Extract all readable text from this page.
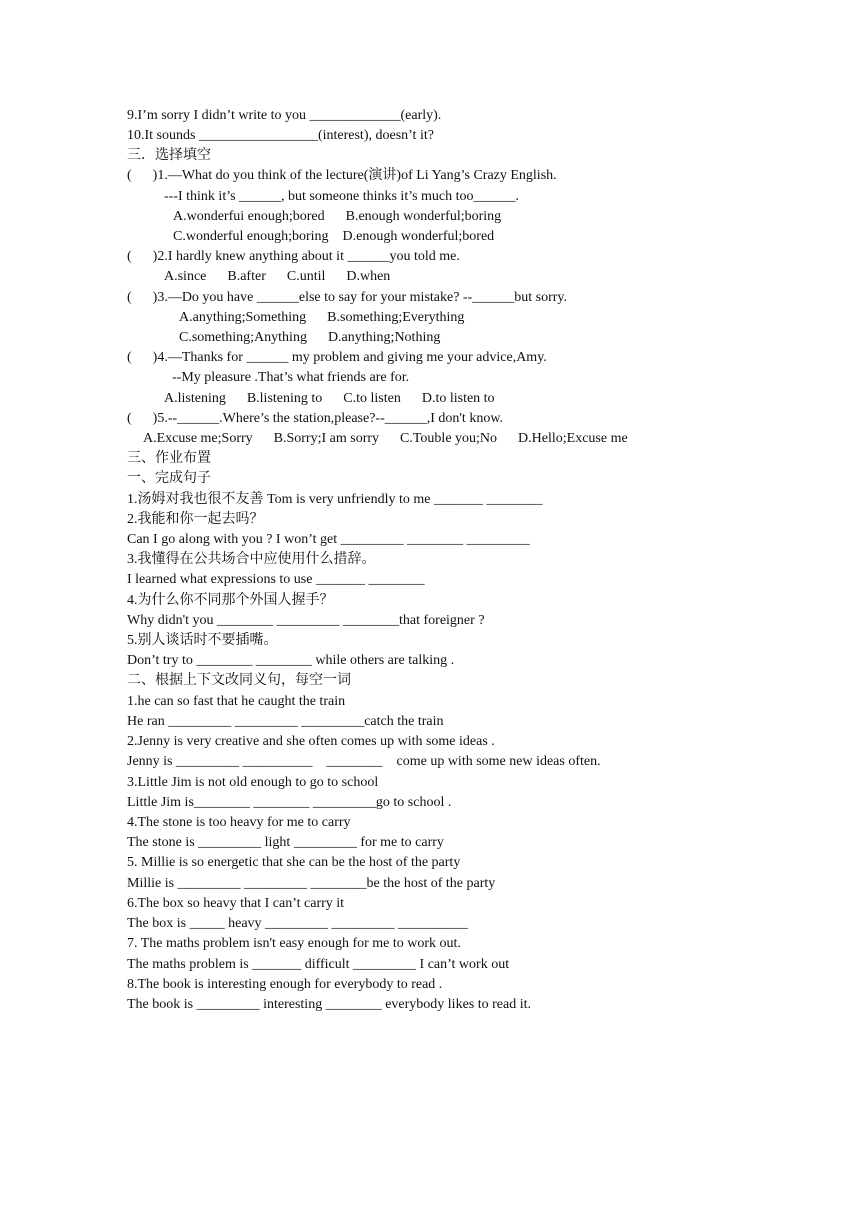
9.I’m sorry I didn’t write to you _____________(early).
10.It sounds _________________(interest), doesn’t it?
三．选择填空
(      )1.—What do you think of the lecture(演讲)of Li Yang’s Crazy English.
---I think it’s ______, but someone thinks it’s much too______.
A.wonderfui enough;bored      B.enough wonderful;boring
C.wonderful enough;boring    D.enough wonderful;bored
(      )2.I hardly knew anything about it ______you told me.
A.since      B.after      C.until      D.when
(      )3.—Do you have ______else to say for your mistake? --______but sorry.
A.anything;Something      B.something;Everything
C.something;Anything      D.anything;Nothing
(      )4.—Thanks for ______ my problem and giving me your advice,Amy.
--My pleasure .That’s what friends are for.
A.listening      B.listening to      C.to listen      D.to listen to
(      )5.--______.Where’s the station,please?--______,I don't know.
A.Excuse me;Sorry      B.Sorry;I am sorry      C.Touble you;No      D.Hello;Excuse me
三、作业布置
一、完成句子
1.汤姆对我也很不友善 Tom is very unfriendly to me _______ ________
2.我能和你一起去吗？
Can I go along with you ? I won’t get _________ ________ _________
3.我懂得在公共场合中应使用什么措辞。
I learned what expressions to use _______ ________
4.为什么你不同那个外国人握手？
Why didn't you ________ _________ ________that foreigner ?
5.别人谈话时不要插嘴。
Don’t try to ________ ________ while others are talking .
二、根据上下文改同义句，每空一词
1.he can so fast that he caught the train
He ran _________ _________ _________catch the train
2.Jenny is very creative and she often comes up with some ideas .
Jenny is _________ __________    ________    come up with some new ideas often.
3.Little Jim is not old enough to go to school
Little Jim is________ ________ _________go to school .
4.The stone is too heavy for me to carry
The stone is _________ light _________ for me to carry
5. Millie is so energetic that she can be the host of the party
Millie is _________ _________ ________be the host of the party
6.The box so heavy that I can’t carry it
The box is _____ heavy _________ _________ __________
7. The maths problem isn't easy enough for me to work out.
The maths problem is _______ difficult _________ I can’t work out
8.The book is interesting enough for everybody to read .
The book is _________ interesting ________ everybody likes to read it.
